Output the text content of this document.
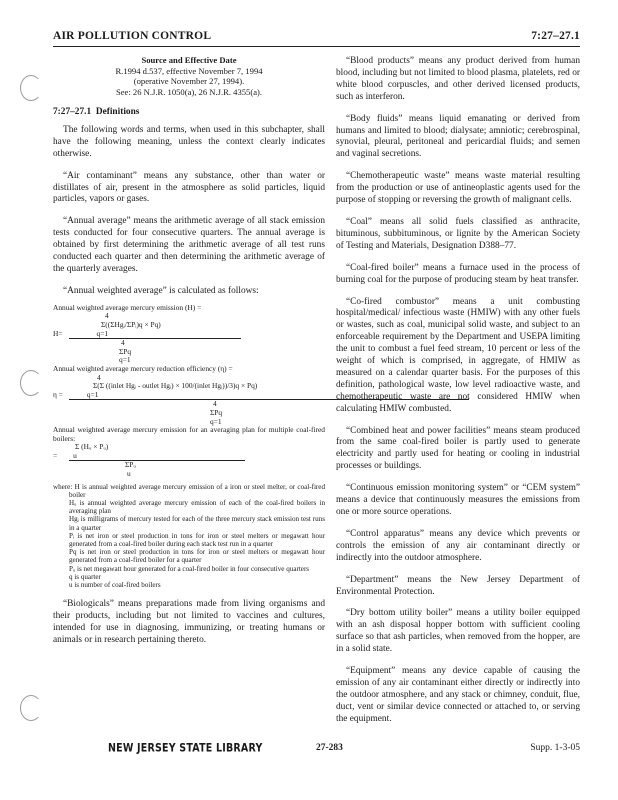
AIR POLLUTION CONTROL	7:27–27.1
Source and Effective Date
R.1994 d.537, effective November 7, 1994
(operative November 27, 1994).
See: 26 N.J.R. 1050(a), 26 N.J.R. 4355(a).

7:27–27.1 Definitions

The following words and terms, when used in this subchapter, shall have the following meaning, unless the context clearly indicates otherwise.

“Air contaminant” means any substance, other than water or distillates of air, present in the atmosphere as solid particles, liquid particles, vapors or gases.

“Annual average” means the arithmetic average of all stack emission tests conducted for four consecutive quarters. The annual average is obtained by first determining the arithmetic average of all test runs conducted each quarter and then determining the arithmetic average of the quarterly averages.

“Annual weighted average” is calculated as follows:

Annual weighted average mercury emission (H) =
4
Σ((ΣHgᵢ/ΣPᵢ)q × Pq)
H=	q=1
4
ΣPq
q=1
Annual weighted average mercury reduction efficiency (η) =
4
Σ(Σ ((inlet Hgᵢ - outlet Hgᵢ) × 100/(inlet Hgᵢ))/3)q × Pq)
η =	q=1
4
ΣPq
q=1
Annual weighted average mercury emission for an averaging plan for multiple coal-fired boilers:
Σ (Hᵤ × Pᵤ)
= u
ΣPᵤ
u
where: H is annual weighted average mercury emission of a iron or steel melter, or coal-fired boiler
Hᵤ is annual weighted average mercury emission of each of the coal-fired boilers in averaging plan
Hgᵢ is milligrams of mercury tested for each of the three mercury stack emission test runs in a quarter
Pᵢ is net iron or steel production in tons for iron or steel melters or megawatt hour generated from a coal-fired boiler during each stack test run in a quarter
Pq is net iron or steel production in tons for iron or steel melters or megawatt hour generated from a coal-fired boiler for a quarter
Pᵤ is net megawatt hour generated for a coal-fired boiler in four consecutive quarters
q is quarter
u is number of coal-fired boilers

“Biologicals” means preparations made from living organisms and their products, including but not limited to vaccines and cultures, intended for use in diagnosing, immunizing, or treating humans or animals or in research pertaining thereto.

“Blood products” means any product derived from human blood, including but not limited to blood plasma, platelets, red or white blood corpuscles, and other derived licensed products, such as interferon.

“Body fluids” means liquid emanating or derived from humans and limited to blood; dialysate; amniotic; cerebrospinal, synovial, pleural, peritoneal and pericardial fluids; and semen and vaginal secretions.

“Chemotherapeutic waste” means waste material resulting from the production or use of antineoplastic agents used for the purpose of stopping or reversing the growth of malignant cells.

“Coal” means all solid fuels classified as anthracite, bituminous, subbituminous, or lignite by the American Society of Testing and Materials, Designation D388–77.

“Coal-fired boiler” means a furnace used in the process of burning coal for the purpose of producing steam by heat transfer.

“Co-fired combustor” means a unit combusting hospital/medical/ infectious waste (HMIW) with any other fuels or wastes, such as coal, municipal solid waste, and subject to an enforceable requirement by the Department and USEPA limiting the unit to combust a fuel feed stream, 10 percent or less of the weight of which is comprised, in aggregate, of HMIW as measured on a calendar quarter basis. For the purposes of this definition, pathological waste, low level radioactive waste, and chemotherapeutic waste are not considered HMIW when calculating HMIW combusted.

“Combined heat and power facilities” means steam produced from the same coal-fired boiler is partly used to generate electricity and partly used for heating or cooling in industrial processes or buildings.

“Continuous emission monitoring system” or “CEM system” means a device that continuously measures the emissions from one or more source operations.

“Control apparatus” means any device which prevents or controls the emission of any air contaminant directly or indirectly into the outdoor atmosphere.

“Department” means the New Jersey Department of Environmental Protection.

“Dry bottom utility boiler” means a utility boiler equipped with an ash disposal hopper bottom with sufficient cooling surface so that ash particles, when removed from the hopper, are in a solid state.

“Equipment” means any device capable of causing the emission of any air contaminant either directly or indirectly into the outdoor atmosphere, and any stack or chimney, conduit, flue, duct, vent or similar device connected or attached to, or serving the equipment.

NEW JERSEY STATE LIBRARY	27-283	Supp. 1-3-05
